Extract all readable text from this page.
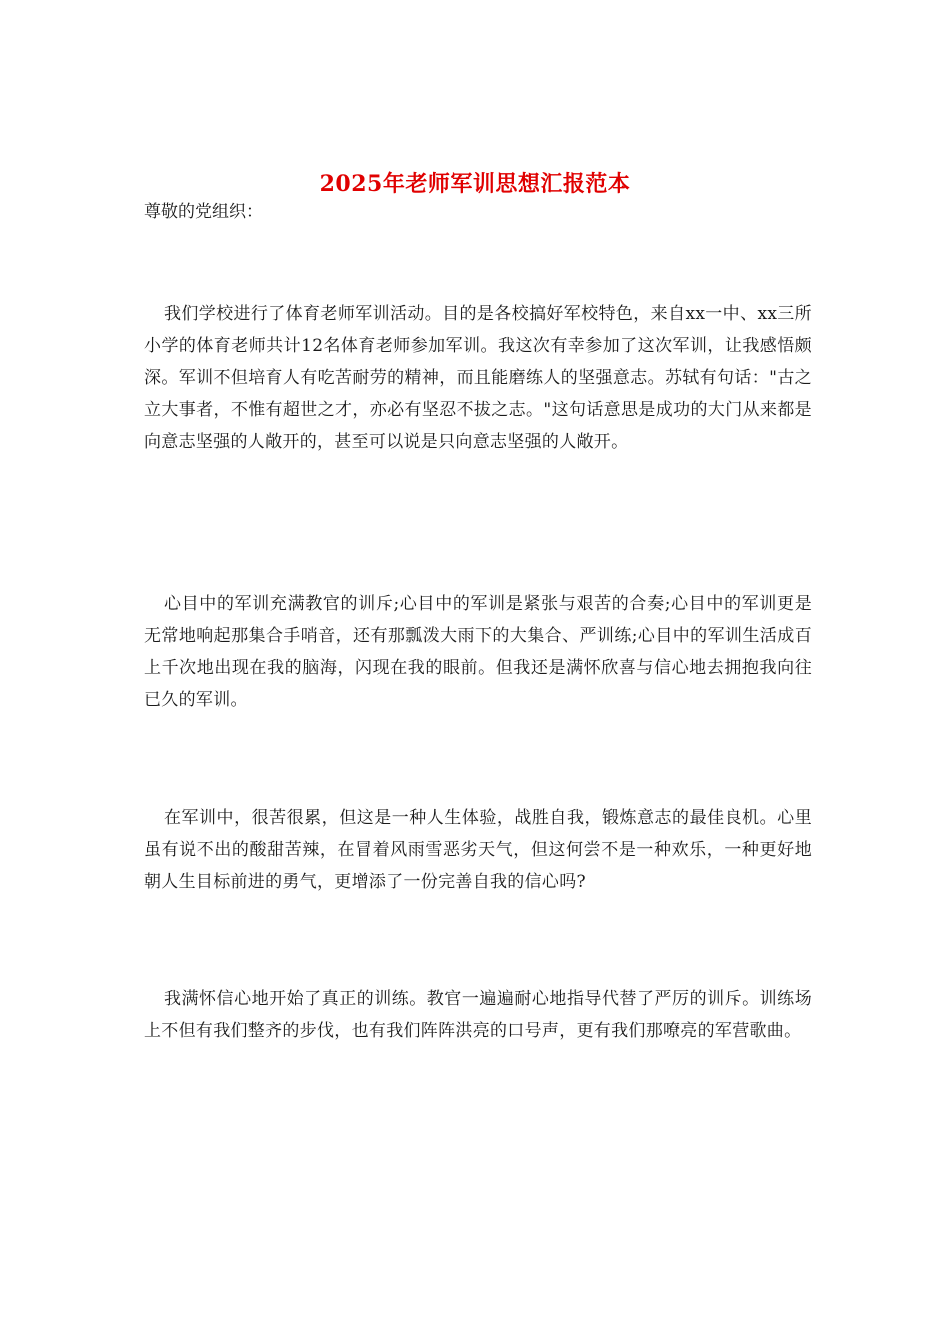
2025年老师军训思想汇报范本
尊敬的党组织：

我们学校进行了体育老师军训活动。目的是各校搞好军校特色，来自xx一中、xx三所小学的体育老师共计12名体育老师参加军训。我这次有幸参加了这次军训，让我感悟颇深。军训不但培育人有吃苦耐劳的精神，而且能磨练人的坚强意志。苏轼有句话："古之立大事者，不惟有超世之才，亦必有坚忍不拔之志。"这句话意思是成功的大门从来都是向意志坚强的人敞开的，甚至可以说是只向意志坚强的人敞开。

心目中的军训充满教官的训斥;心目中的军训是紧张与艰苦的合奏;心目中的军训更是无常地响起那集合手哨音，还有那瓢泼大雨下的大集合、严训练;心目中的军训生活成百上千次地出现在我的脑海，闪现在我的眼前。但我还是满怀欣喜与信心地去拥抱我向往已久的军训。

在军训中，很苦很累，但这是一种人生体验，战胜自我，锻炼意志的最佳良机。心里虽有说不出的酸甜苦辣，在冒着风雨雪恶劣天气，但这何尝不是一种欢乐，一种更好地朝人生目标前进的勇气，更增添了一份完善自我的信心吗?

我满怀信心地开始了真正的训练。教官一遍遍耐心地指导代替了严厉的训斥。训练场上不但有我们整齐的步伐，也有我们阵阵洪亮的口号声，更有我们那嘹亮的军营歌曲。
